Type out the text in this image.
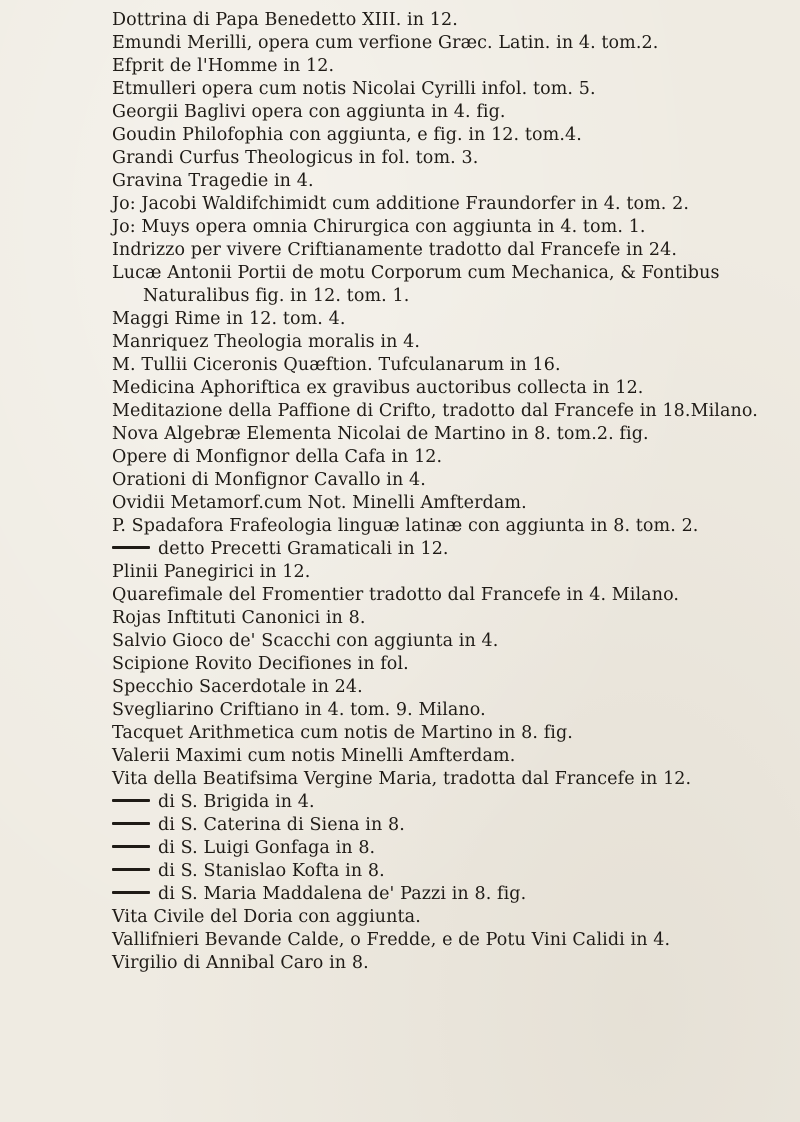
Dottrina di Papa Benedetto XIII. in 12.
Emundi Merilli, opera cum verfione Græc. Latin. in 4. tom.2.
Efprit de l'Homme in 12.
Etmulleri opera cum notis Nicolai Cyrilli infol. tom. 5.
Georgii Baglivi opera con aggiunta in 4. fig.
Goudin Philofophia con aggiunta, e fig. in 12. tom.4.
Grandi Curfus Theologicus in fol. tom. 3.
Gravina Tragedie in 4.
Jo: Jacobi Waldifchimidt cum additione Fraundorfer in 4. tom. 2.
Jo: Muys opera omnia Chirurgica con aggiunta in 4. tom. 1.
Indrizzo per vivere Criftianamente tradotto dal Francefe in 24.
Lucæ Antonii Portii de motu Corporum cum Mechanica, & Fontibus
Naturalibus fig. in 12. tom. 1.
Maggi Rime in 12. tom. 4.
Manriquez Theologia moralis in 4.
M. Tullii Ciceronis Quæftion. Tufculanarum in 16.
Medicina Aphoriftica ex gravibus auctoribus collecta in 12.
Meditazione della Paffione di Crifto, tradotto dal Francefe in 18.Milano.
Nova Algebræ Elementa Nicolai de Martino in 8. tom.2. fig.
Opere di Monfignor della Cafa in 12.
Orationi di Monfignor Cavallo in 4.
Ovidii Metamorf.cum Not. Minelli Amfterdam.
P. Spadafora Frafeologia linguæ latinæ con aggiunta in 8. tom. 2.
detto Precetti Gramaticali in 12.
Plinii Panegirici in 12.
Quarefimale del Fromentier tradotto dal Francefe in 4. Milano.
Rojas Inftituti Canonici in 8.
Salvio Gioco de' Scacchi con aggiunta in 4.
Scipione Rovito Decifiones in fol.
Specchio Sacerdotale in 24.
Svegliarino Criftiano in 4. tom. 9. Milano.
Tacquet Arithmetica cum notis de Martino in 8. fig.
Valerii Maximi cum notis Minelli Amfterdam.
Vita della Beatifsima Vergine Maria, tradotta dal Francefe in 12.
di S. Brigida in 4.
di S. Caterina di Siena in 8.
di S. Luigi Gonfaga in 8.
di S. Stanislao Kofta in 8.
di S. Maria Maddalena de' Pazzi in 8. fig.
Vita Civile del Doria con aggiunta.
Vallifnieri Bevande Calde, o Fredde, e de Potu Vini Calidi in 4.
Virgilio di Annibal Caro in 8.
